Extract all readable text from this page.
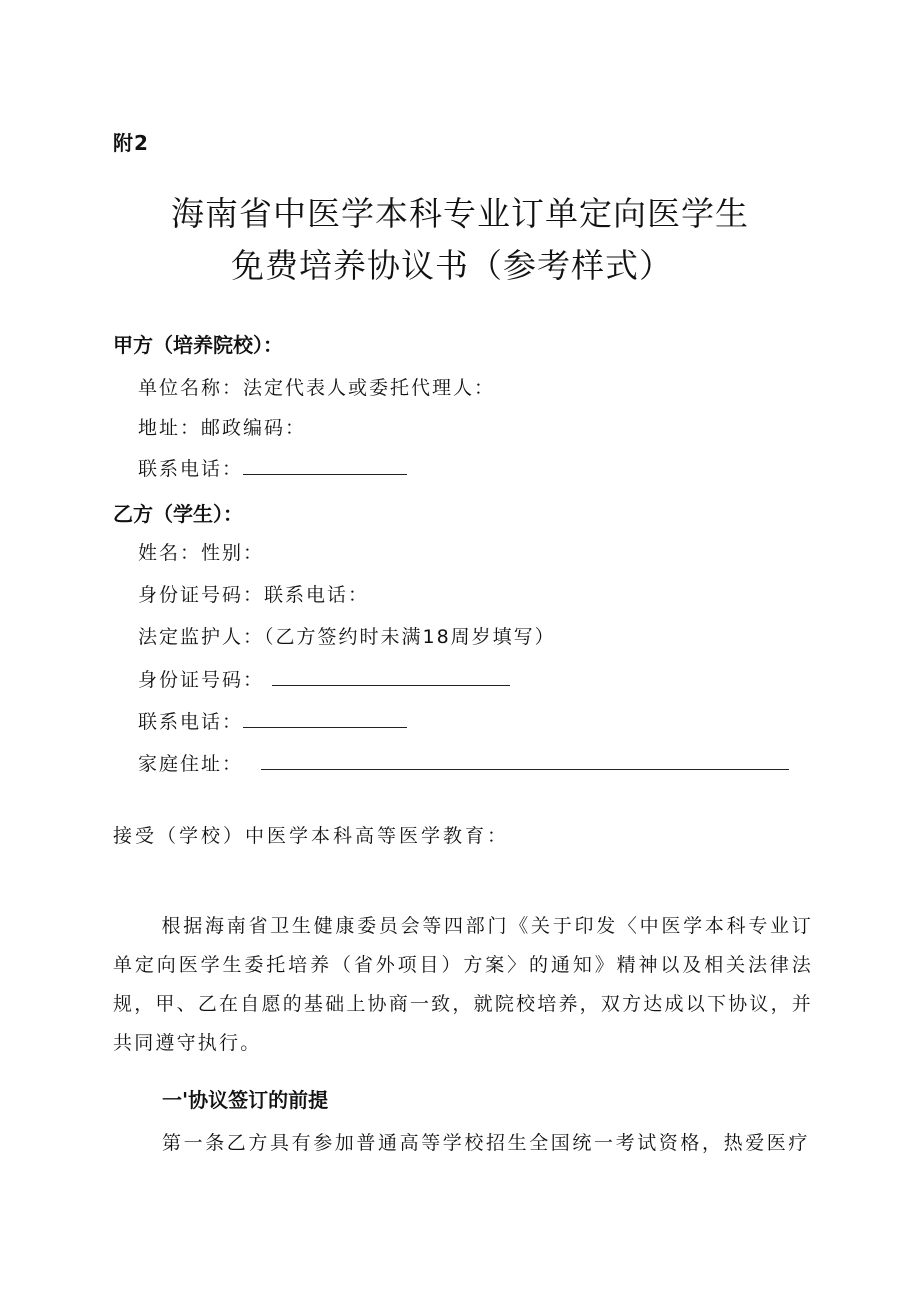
附2
海南省中医学本科专业订单定向医学生
免费培养协议书（参考样式）
甲方（培养院校）：
单位名称：法定代表人或委托代理人：
地址：邮政编码：
联系电话：
乙方（学生）：
姓名：性别：
身份证号码：联系电话：
法定监护人：（乙方签约时未满18周岁填写）
身份证号码：
联系电话：
家庭住址：
接受（学校）中医学本科高等医学教育：
根据海南省卫生健康委员会等四部门《关于印发〈中医学本科专业订单定向医学生委托培养（省外项目）方案〉的通知》精神以及相关法律法规，甲、乙在自愿的基础上协商一致，就院校培养，双方达成以下协议，并共同遵守执行。
一'协议签订的前提
第一条乙方具有参加普通高等学校招生全国统一考试资格，热爱医疗
